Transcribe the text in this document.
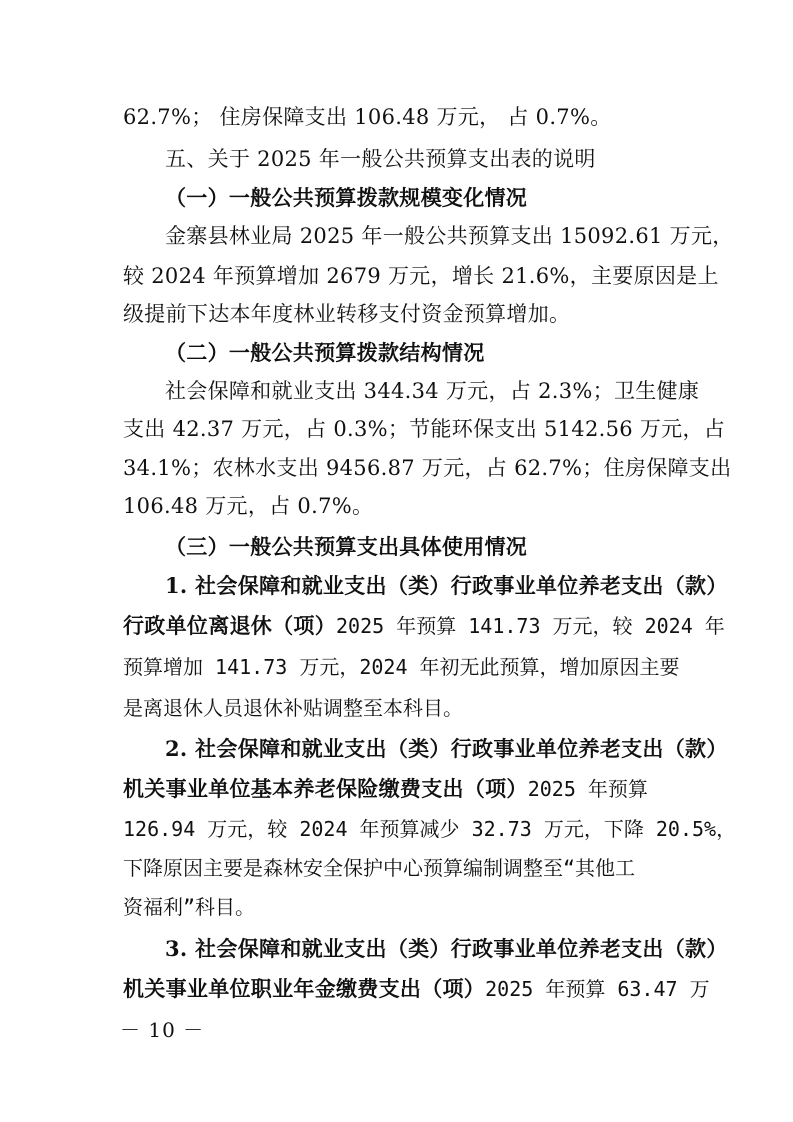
62.7%； 住房保障支出 106.48 万元， 占 0.7%。
五、关于 2025 年一般公共预算支出表的说明
（一）一般公共预算拨款规模变化情况
金寨县林业局 2025 年一般公共预算支出 15092.61 万元，
较 2024 年预算增加 2679 万元，增长 21.6%，主要原因是上
级提前下达本年度林业转移支付资金预算增加。
（二）一般公共预算拨款结构情况
社会保障和就业支出 344.34 万元，占 2.3%；卫生健康
支出 42.37 万元，占 0.3%；节能环保支出 5142.56 万元，占
34.1%；农林水支出 9456.87 万元，占 62.7%；住房保障支出
106.48 万元，占 0.7%。
（三）一般公共预算支出具体使用情况
1. 社会保障和就业支出（类）行政事业单位养老支出（款）
行政单位离退休（项）2025 年预算 141.73 万元，较 2024 年
预算增加 141.73 万元，2024 年初无此预算，增加原因主要
是离退休人员退休补贴调整至本科目。
2. 社会保障和就业支出（类）行政事业单位养老支出（款）
机关事业单位基本养老保险缴费支出（项）2025 年预算
126.94 万元，较 2024 年预算减少 32.73 万元，下降 20.5%，
下降原因主要是森林安全保护中心预算编制调整至“其他工
资福利”科目。
3. 社会保障和就业支出（类）行政事业单位养老支出（款）
机关事业单位职业年金缴费支出（项）2025 年预算 63.47 万
－ 10 －
